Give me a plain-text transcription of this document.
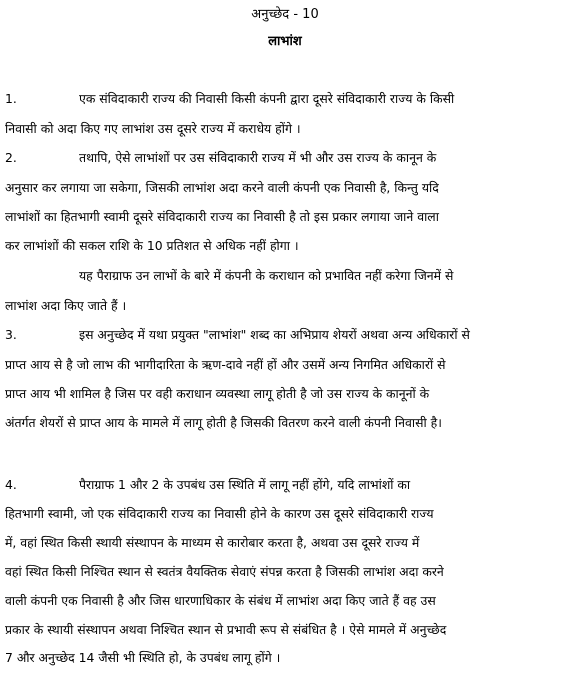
अनुच्छेद - 10
लाभांश
1.	एक संविदाकारी राज्य की निवासी किसी कंपनी द्वारा दूसरे संविदाकारी राज्य के किसी
निवासी को अदा किए गए लाभांश उस दूसरे राज्य में कराधेय होंगे ।
2.	तथापि, ऐसे लाभांशों पर उस संविदाकारी राज्य में भी और उस राज्य के कानून के
अनुसार कर लगाया जा सकेगा, जिसकी लाभांश अदा करने वाली कंपनी एक निवासी है, किन्तु यदि
लाभांशों का हितभागी स्वामी दूसरे संविदाकारी राज्य का निवासी है तो इस प्रकार लगाया जाने वाला
कर लाभांशों की सकल राशि के 10 प्रतिशत से अधिक नहीं होगा ।
यह पैराग्राफ उन लाभों के बारे में कंपनी के कराधान को प्रभावित नहीं करेगा जिनमें से
लाभांश अदा किए जाते हैं ।
3.	इस अनुच्छेद में यथा प्रयुक्त "लाभांश" शब्द का अभिप्राय शेयरों अथवा अन्य अधिकारों से
प्राप्त आय से है जो लाभ की भागीदारिता के ऋण-दावे नहीं हों और उसमें अन्य निगमित अधिकारों से
प्राप्त आय भी शामिल है जिस पर वही कराधान व्यवस्था लागू होती है जो उस राज्य के कानूनों के
अंतर्गत शेयरों से प्राप्त आय के मामले में लागू होती है जिसकी वितरण करने वाली कंपनी निवासी है।
4.	पैराग्राफ 1 और 2 के उपबंध उस स्थिति में लागू नहीं होंगे, यदि लाभांशों का
हितभागी स्वामी, जो एक संविदाकारी राज्य का निवासी होने के कारण उस दूसरे संविदाकारी राज्य
में, वहां स्थित किसी स्थायी संस्थापन के माध्यम से कारोबार करता है, अथवा उस दूसरे राज्य में
वहां स्थित किसी निश्चित स्थान से स्वतंत्र वैयक्तिक सेवाएं संपन्न करता है जिसकी लाभांश अदा करने
वाली कंपनी एक निवासी है और जिस धारणाधिकार के संबंध में लाभांश अदा किए जाते हैं वह उस
प्रकार के स्थायी संस्थापन अथवा निश्चित स्थान से प्रभावी रूप से संबंधित है । ऐसे मामले में अनुच्छेद
7 और अनुच्छेद 14 जैसी भी स्थिति हो, के उपबंध लागू होंगे ।
